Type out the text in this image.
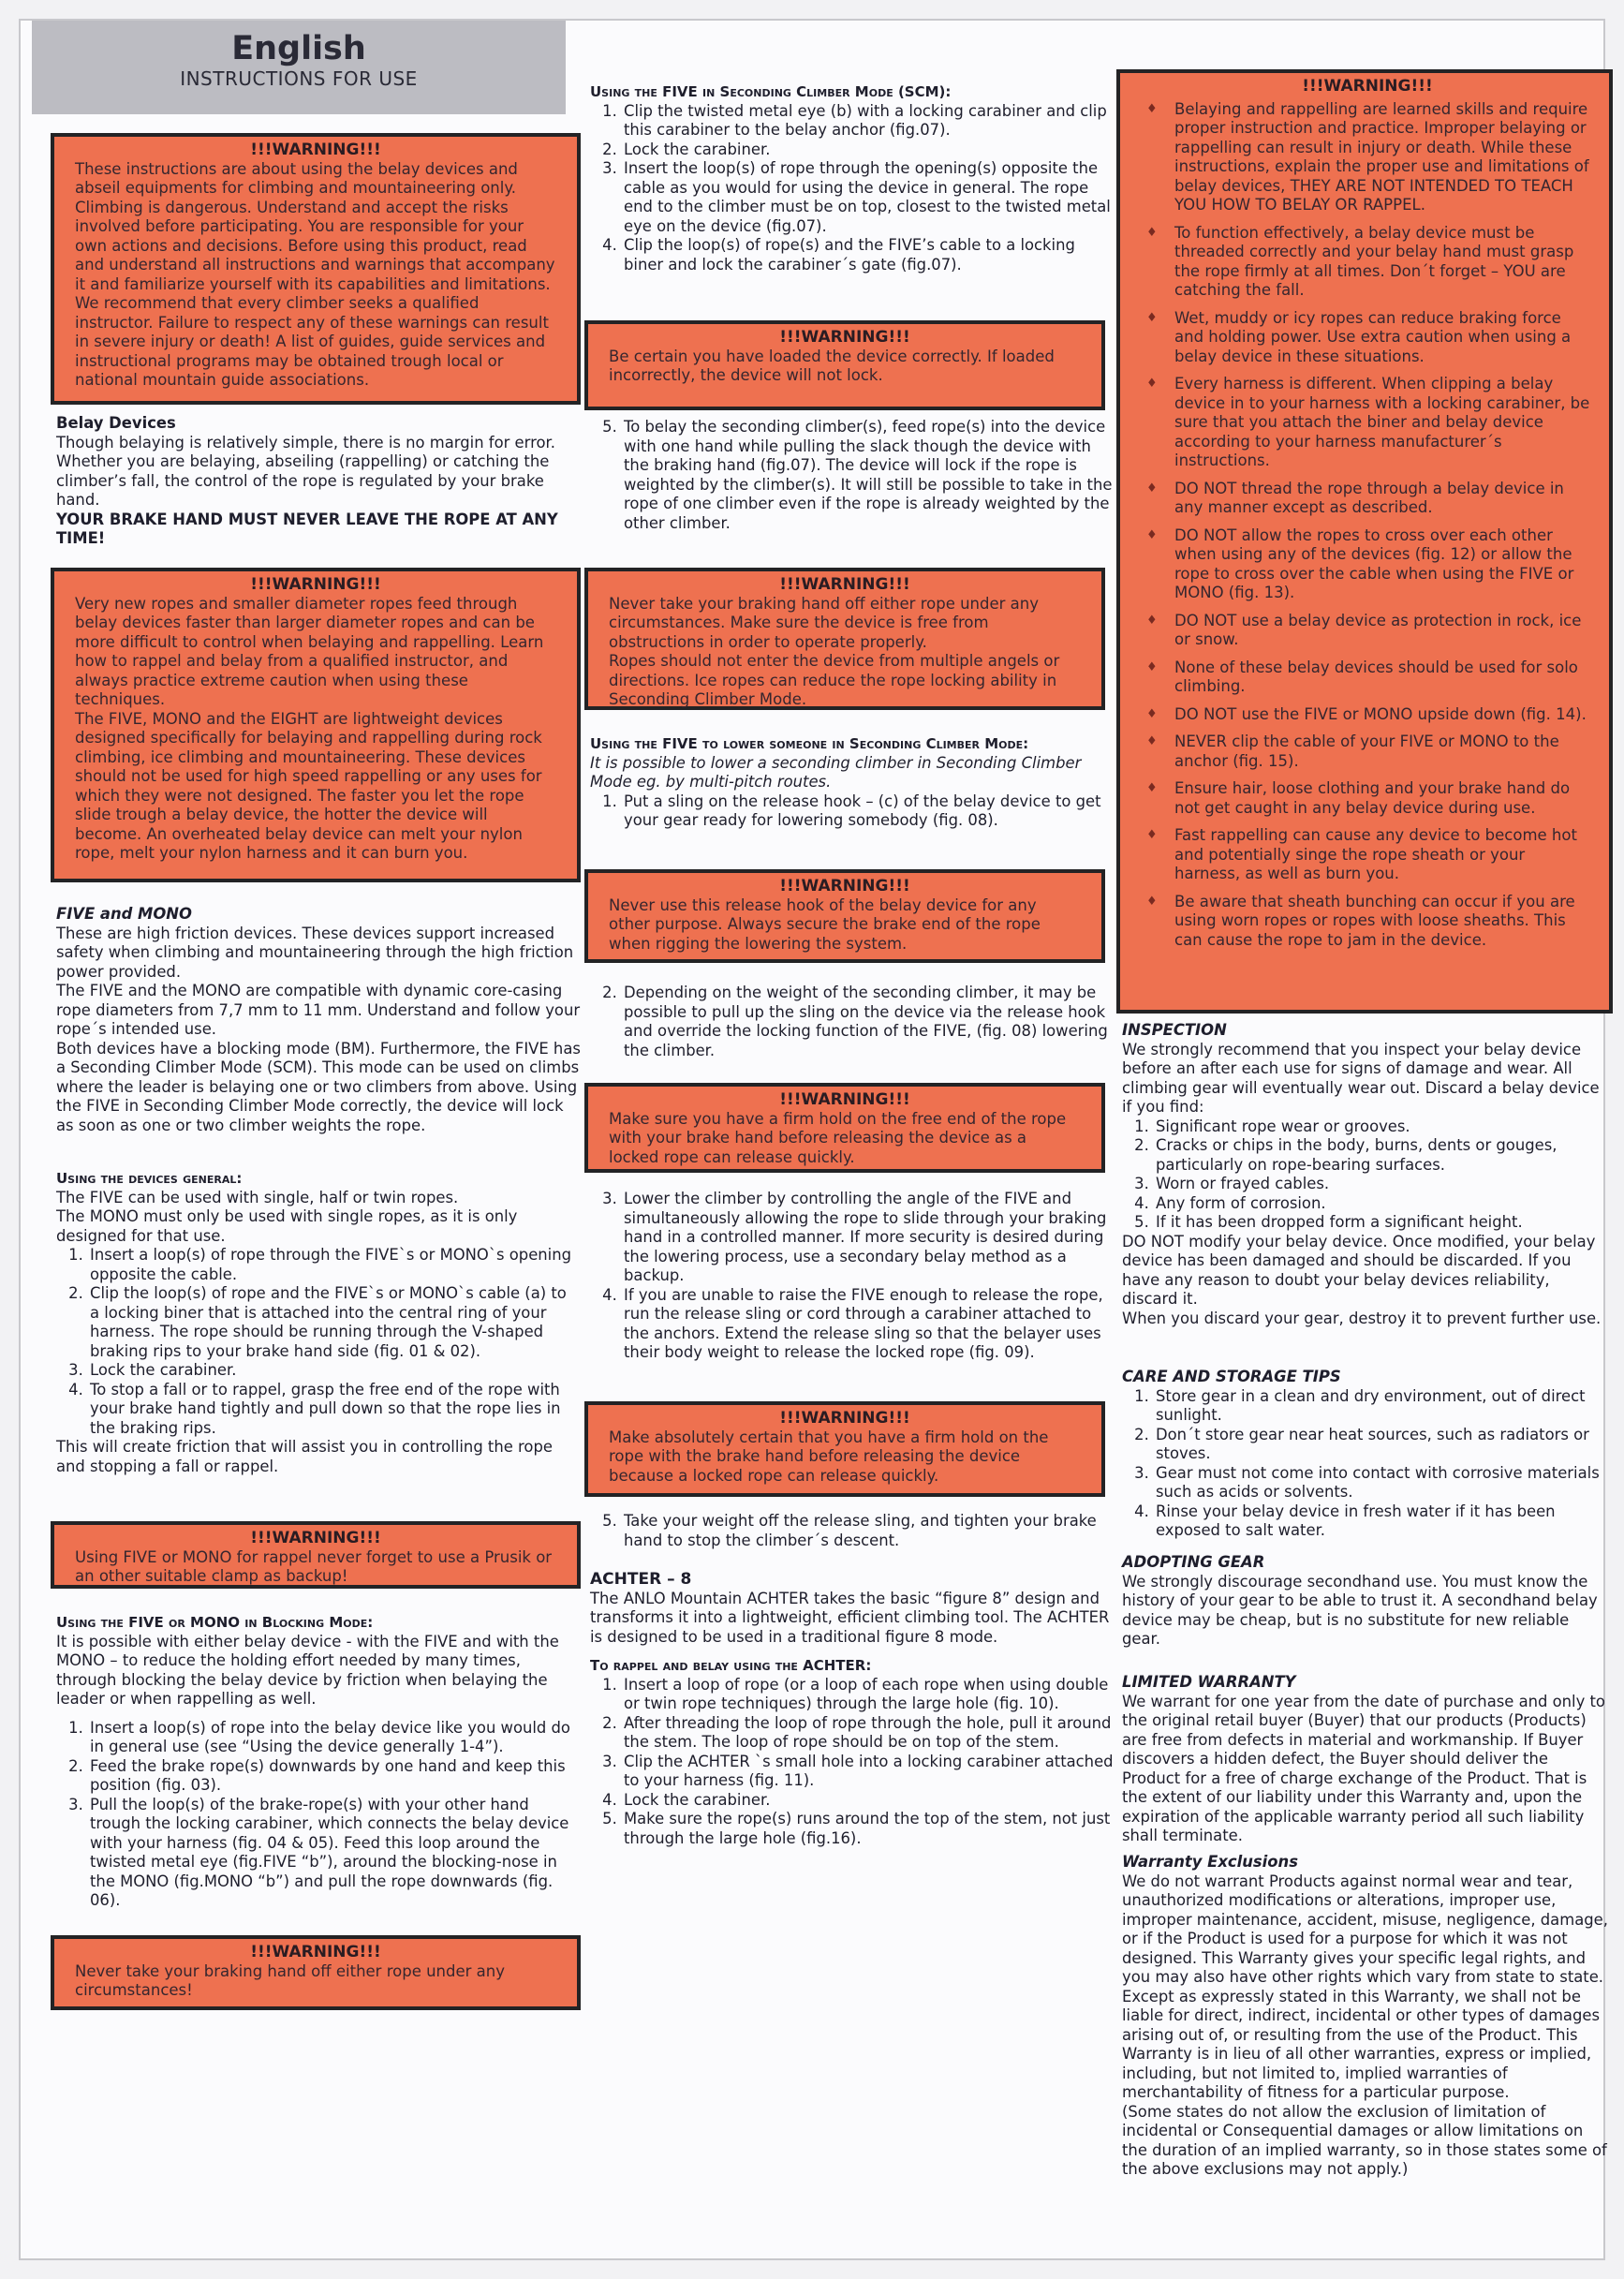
English
INSTRUCTIONS FOR USE
!!!WARNING!!!
These instructions are about using the belay devices and abseil equipments for climbing and mountaineering only. Climbing is dangerous. Understand and accept the risks involved before participating. You are responsible for your own actions and decisions. Before using this product, read and understand all instructions and warnings that accompany it and familiarize yourself with its capabilities and limitations. We recommend that every climber seeks a qualified instructor. Failure to respect any of these warnings can result in severe injury or death! A list of guides, guide services and instructional programs may be obtained trough local or national mountain guide associations.
Belay Devices

Though belaying is relatively simple, there is no margin for error. Whether you are belaying, abseiling (rappelling) or catching the climber’s fall, the control of the rope is regulated by your brake hand.

YOUR BRAKE HAND MUST NEVER LEAVE THE ROPE AT ANY TIME!

!!!WARNING!!!

Very new ropes and smaller diameter ropes feed through belay devices faster than larger diameter ropes and can be more difficult to control when belaying and rappelling. Learn how to rappel and belay from a qualified instructor, and always practice extreme caution when using these techniques.

The FIVE, MONO and the EIGHT are lightweight devices designed specifically for belaying and rappelling during rock climbing, ice climbing and mountaineering. These devices should not be used for high speed rappelling or any uses for which they were not designed. The faster you let the rope slide trough a belay device, the hotter the device will become. An overheated belay device can melt your nylon rope, melt your nylon harness and it can burn you.

FIVE and MONO

These are high friction devices. These devices support increased safety when climbing and mountaineering through the high friction power provided.

The FIVE and the MONO are compatible with dynamic core-casing rope diameters from 7,7 mm to 11 mm. Understand and follow your rope´s intended use.

Both devices have a blocking mode (BM). Furthermore, the FIVE has a Seconding Climber Mode (SCM). This mode can be used on climbs where the leader is belaying one or two climbers from above. Using the FIVE in Seconding Climber Mode correctly, the device will lock as soon as one or two climber weights the rope.

Using the devices general:

The FIVE can be used with single, half or twin ropes.

The MONO must only be used with single ropes, as it is only designed for that use.

1. Insert a loop(s) of rope through the FIVE`s or MONO`s opening opposite the cable.
2. Clip the loop(s) of rope and the FIVE`s or MONO`s cable (a) to a locking biner that is attached into the central ring of your harness. The rope should be running through the V-shaped braking rips to your brake hand side (fig. 01 & 02).
3. Lock the carabiner.
4. To stop a fall or to rappel, grasp the free end of the rope with your brake hand tightly and pull down so that the rope lies in the braking rips.

This will create friction that will assist you in controlling the rope and stopping a fall or rappel.

!!!WARNING!!!
Using FIVE or MONO for rappel never forget to use a Prusik or an other suitable clamp as backup!
Using the FIVE or MONO in Blocking Mode:

It is possible with either belay device - with the FIVE and with the MONO – to reduce the holding effort needed by many times, through blocking the belay device by friction when belaying the leader or when rappelling as well.

1. Insert a loop(s) of rope into the belay device like you would do in general use (see “Using the device generally 1-4”).
2. Feed the brake rope(s) downwards by one hand and keep this position (fig. 03).
3. Pull the loop(s) of the brake-rope(s) with your other hand trough the locking carabiner, which connects the belay device with your harness (fig. 04 & 05). Feed this loop around the twisted metal eye (fig.FIVE “b”), around the blocking-nose in the MONO (fig.MONO “b”) and pull the rope downwards (fig. 06).
!!!WARNING!!!
Never take your braking hand off either rope under any circumstances!
Using the FIVE in Seconding Climber Mode (SCM):
1. Clip the twisted metal eye (b) with a locking carabiner and clip this carabiner to the belay anchor (fig.07).
2. Lock the carabiner.
3. Insert the loop(s) of rope through the opening(s) opposite the cable as you would for using the device in general. The rope end to the climber must be on top, closest to the twisted metal eye on the device (fig.07).
4. Clip the loop(s) of rope(s) and the FIVE’s cable to a locking biner and lock the carabiner´s gate (fig.07).
!!!WARNING!!!
Be certain you have loaded the device correctly. If loaded incorrectly, the device will not lock.
5. To belay the seconding climber(s), feed rope(s) into the device with one hand while pulling the slack though the device with the braking hand (fig.07). The device will lock if the rope is weighted by the climber(s). It will still be possible to take in the rope of one climber even if the rope is already weighted by the other climber.
!!!WARNING!!!

Never take your braking hand off either rope under any circumstances. Make sure the device is free from obstructions in order to operate properly.

Ropes should not enter the device from multiple angels or directions. Ice ropes can reduce the rope locking ability in Seconding Climber Mode.

Using the FIVE to lower someone in Seconding Climber Mode:

It is possible to lower a seconding climber in Seconding Climber Mode eg. by multi-pitch routes.

1. Put a sling on the release hook – (c) of the belay device to get your gear ready for lowering somebody (fig. 08).
!!!WARNING!!!
Never use this release hook of the belay device for any other purpose. Always secure the brake end of the rope when rigging the lowering the system.
2. Depending on the weight of the seconding climber, it may be possible to pull up the sling on the device via the release hook and override the locking function of the FIVE, (fig. 08) lowering the climber.
!!!WARNING!!!
Make sure you have a firm hold on the free end of the rope with your brake hand before releasing the device as a locked rope can release quickly.
3. Lower the climber by controlling the angle of the FIVE and simultaneously allowing the rope to slide through your braking hand in a controlled manner. If more security is desired during the lowering process, use a secondary belay method as a backup.
4. If you are unable to raise the FIVE enough to release the rope, run the release sling or cord through a carabiner attached to the anchors. Extend the release sling so that the belayer uses their body weight to release the locked rope (fig. 09).
!!!WARNING!!!
Make absolutely certain that you have a firm hold on the rope with the brake hand before releasing the device because a locked rope can release quickly.
5. Take your weight off the release sling, and tighten your brake hand to stop the climber´s descent.
ACHTER – 8

The ANLO Mountain ACHTER takes the basic “figure 8” design and transforms it into a lightweight, efficient climbing tool. The ACHTER is designed to be used in a traditional figure 8 mode.

To rappel and belay using the ACHTER:
1. Insert a loop of rope (or a loop of each rope when using double or twin rope techniques) through the large hole (fig. 10).
2. After threading the loop of rope through the hole, pull it around the stem. The loop of rope should be on top of the stem.
3. Clip the ACHTER `s small hole into a locking carabiner attached to your harness (fig. 11).
4. Lock the carabiner.
5. Make sure the rope(s) runs around the top of the stem, not just through the large hole (fig.16).
!!!WARNING!!!
♦ Belaying and rappelling are learned skills and require proper instruction and practice. Improper belaying or rappelling can result in injury or death. While these instructions, explain the proper use and limitations of belay devices, THEY ARE NOT INTENDED TO TEACH YOU HOW TO BELAY OR RAPPEL.
♦ To function effectively, a belay device must be threaded correctly and your belay hand must grasp the rope firmly at all times. Don´t forget – YOU are catching the fall.
♦ Wet, muddy or icy ropes can reduce braking force and holding power. Use extra caution when using a belay device in these situations.
♦ Every harness is different. When clipping a belay device in to your harness with a locking carabiner, be sure that you attach the biner and belay device according to your harness manufacturer´s instructions.
♦ DO NOT thread the rope through a belay device in any manner except as described.
♦ DO NOT allow the ropes to cross over each other when using any of the devices (fig. 12) or allow the rope to cross over the cable when using the FIVE or MONO (fig. 13).
♦ DO NOT use a belay device as protection in rock, ice or snow.
♦ None of these belay devices should be used for solo climbing.
♦ DO NOT use the FIVE or MONO upside down (fig. 14).
♦ NEVER clip the cable of your FIVE or MONO to the anchor (fig. 15).
♦ Ensure hair, loose clothing and your brake hand do not get caught in any belay device during use.
♦ Fast rappelling can cause any device to become hot and potentially singe the rope sheath or your harness, as well as burn you.
♦ Be aware that sheath bunching can occur if you are using worn ropes or ropes with loose sheaths. This can cause the rope to jam in the device.
INSPECTION

We strongly recommend that you inspect your belay device before an after each use for signs of damage and wear. All climbing gear will eventually wear out. Discard a belay device if you find:

1. Significant rope wear or grooves.
2. Cracks or chips in the body, burns, dents or gouges, particularly on rope-bearing surfaces.
3. Worn or frayed cables.
4. Any form of corrosion.
5. If it has been dropped form a significant height.

DO NOT modify your belay device. Once modified, your belay device has been damaged and should be discarded. If you have any reason to doubt your belay devices reliability, discard it.

When you discard your gear, destroy it to prevent further use.

CARE AND STORAGE TIPS
1. Store gear in a clean and dry environment, out of direct sunlight.
2. Don´t store gear near heat sources, such as radiators or stoves.
3. Gear must not come into contact with corrosive materials such as acids or solvents.
4. Rinse your belay device in fresh water if it has been exposed to salt water.
ADOPTING GEAR

We strongly discourage secondhand use. You must know the history of your gear to be able to trust it. A secondhand belay device may be cheap, but is no substitute for new reliable gear.

LIMITED WARRANTY

We warrant for one year from the date of purchase and only to the original retail buyer (Buyer) that our products (Products) are free from defects in material and workmanship. If Buyer discovers a hidden defect, the Buyer should deliver the Product for a free of charge exchange of the Product. That is the extent of our liability under this Warranty and, upon the expiration of the applicable warranty period all such liability shall terminate.

Warranty Exclusions

We do not warrant Products against normal wear and tear, unauthorized modifications or alterations, improper use, improper maintenance, accident, misuse, negligence, damage, or if the Product is used for a purpose for which it was not designed. This Warranty gives your specific legal rights, and you may also have other rights which vary from state to state.

Except as expressly stated in this Warranty, we shall not be liable for direct, indirect, incidental or other types of damages arising out of, or resulting from the use of the Product. This Warranty is in lieu of all other warranties, express or implied, including, but not limited to, implied warranties of merchantability of fitness for a particular purpose.

(Some states do not allow the exclusion of limitation of incidental or Consequential damages or allow limitations on the duration of an implied warranty, so in those states some of the above exclusions may not apply.)
